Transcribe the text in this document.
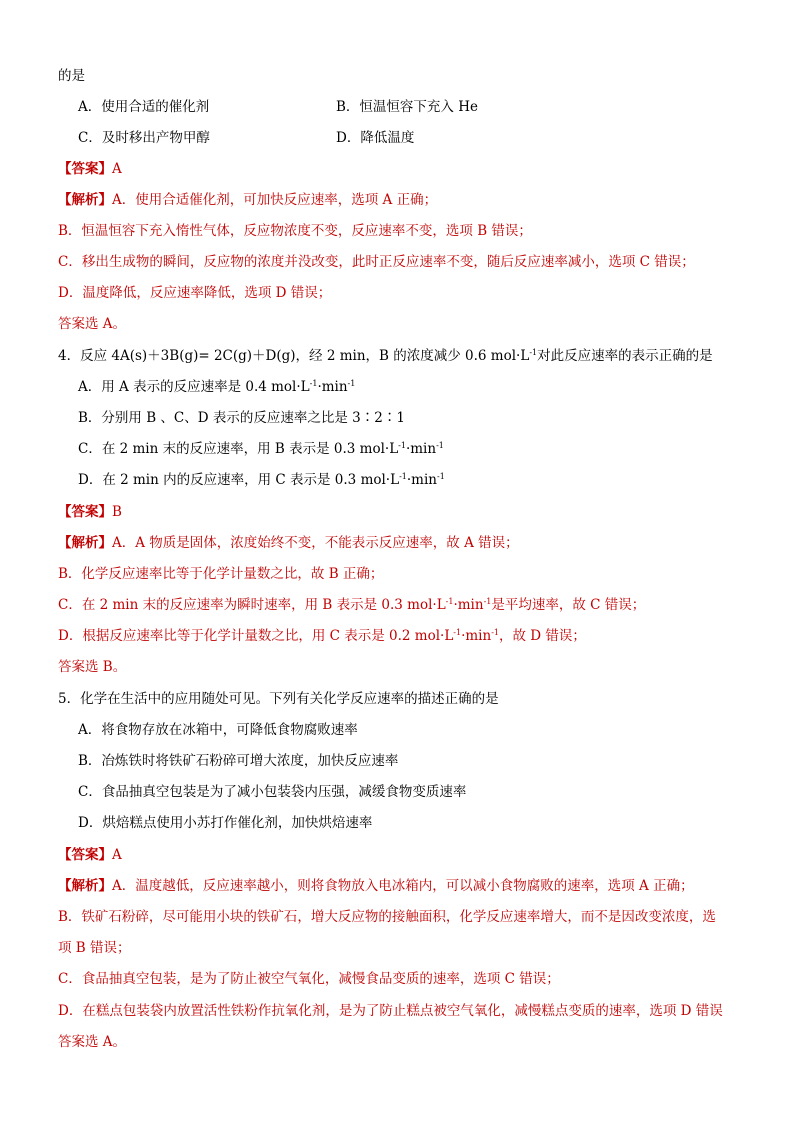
的是
A．使用合适的催化剂	B．恒温恒容下充入 He
C．及时移出产物甲醇	D．降低温度
【答案】A
【解析】A．使用合适催化剂，可加快反应速率，选项 A 正确；
B．恒温恒容下充入惰性气体，反应物浓度不变，反应速率不变，选项 B 错误；
C．移出生成物的瞬间，反应物的浓度并没改变，此时正反应速率不变，随后反应速率减小，选项 C 错误；
D．温度降低，反应速率降低，选项 D 错误；
答案选 A。
4．反应 4A(s)＋3B(g)= 2C(g)＋D(g)，经 2 min，B 的浓度减少 0.6 $mol\cdot L^{-1}$对此反应速率的表示正确的是
A．用 A 表示的反应速率是 0.4 $mol\cdot L^{-1}\cdot\min^{-1}$
B．分别用 B 、C、D 表示的反应速率之比是 3∶2∶1
C．在 2 min 末的反应速率，用 B 表示是 0.3 $mol\cdot L^{-1}\cdot\min^{-1}$
D．在 2 min 内的反应速率，用 C 表示是 0.3 $mol\cdot L^{-1}\cdot\min^{-1}$
【答案】B
【解析】A．A 物质是固体，浓度始终不变，不能表示反应速率，故 A 错误；
B．化学反应速率比等于化学计量数之比，故 B 正确；
C．在 2 min 末的反应速率为瞬时速率，用 B 表示是 0.3 $mol\cdot L^{-1}\cdot\min^{-1}$是平均速率，故 C 错误；
D．根据反应速率比等于化学计量数之比，用 C 表示是 0.2 $mol\cdot L^{-1}\cdot\min^{-1}$，故 D 错误；
答案选 B。
5．化学在生活中的应用随处可见。下列有关化学反应速率的描述正确的是
A．将食物存放在冰箱中，可降低食物腐败速率
B．冶炼铁时将铁矿石粉碎可增大浓度，加快反应速率
C．食品抽真空包装是为了减小包装袋内压强，减缓食物变质速率
D．烘焙糕点使用小苏打作催化剂，加快烘焙速率
【答案】A
【解析】A．温度越低，反应速率越小，则将食物放入电冰箱内，可以减小食物腐败的速率，选项 A 正确；
B．铁矿石粉碎，尽可能用小块的铁矿石，增大反应物的接触面积，化学反应速率增大，而不是因改变浓度，选
项 B 错误；
C．食品抽真空包装，是为了防止被空气氧化，减慢食品变质的速率，选项 C 错误；
D．在糕点包装袋内放置活性铁粉作抗氧化剂，是为了防止糕点被空气氧化，减慢糕点变质的速率，选项 D 错误
答案选 A。
